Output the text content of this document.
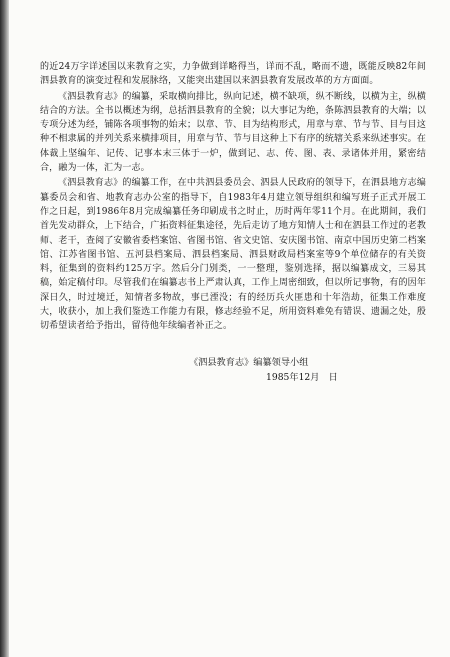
的近24万字详述国以来教育之实，力争做到详略得当，详而不乱，略而不遗，既能反映82年间泗县教育的演变过程和发展脉络，又能突出建国以来泗县教育发展改革的方方面面。

《泗县教育志》的编纂，采取横向排比，纵向记述，横不缺项，纵不断线，以横为主，纵横结合的方法。全书以概述为纲，总括泗县教育的全貌；以大事记为绝，条陈泗县教育的大端；以专项分述为经，铺陈各项事物的始末；以章、节、目为结构形式，用章与章、节与节、目与目这种不相隶属的并列关系来横排项目，用章与节、节与目这种上下有序的统辖关系来纵述事实。在体裁上坚编年、记传、记事本末三体于一炉，做到记、志、传、图、表、录诸体并用，紧密结合，融为一体，汇为一志。

《泗县教育志》的编纂工作，在中共泗县委员会、泗县人民政府的领导下，在泗县地方志编纂委员会和省、地教育志办公室的指导下，自1983年4月建立领导组织和编写班子正式开展工作之日起，到1986年8月完成编纂任务印刷成书之时止，历时两年零11个月。在此期间，我们首先发动群众，上下结合，广拓资料征集途径，先后走访了地方知情人士和在泗县工作过的老教师、老干，查阅了安徽省委档案馆、省图书馆、省文史馆、安庆图书馆、南京中国历史第二档案馆、江苏省图书馆、五河县档案局、泗县档案局、泗县财政局档案室等9个单位储存的有关资料，征集到的资料约125万字。然后分门别类，一一整理，鉴别选择，据以编纂成文，三易其稿，始定稿付印。尽管我们在编纂志书上严肃认真，工作上周密细致，但以所记事物，有的因年深日久，时过境迁，知情者多物故，事已湮没；有的经历兵火匪患和十年浩劫，征集工作难度大，收获小，加上我们鉴选工作能力有限，修志经验不足，所用资料难免有错误、遗漏之处，殷切希望读者给予指出，留待他年续编者补正之。

《泗县教育志》编纂领导小组
1985年12月　日
